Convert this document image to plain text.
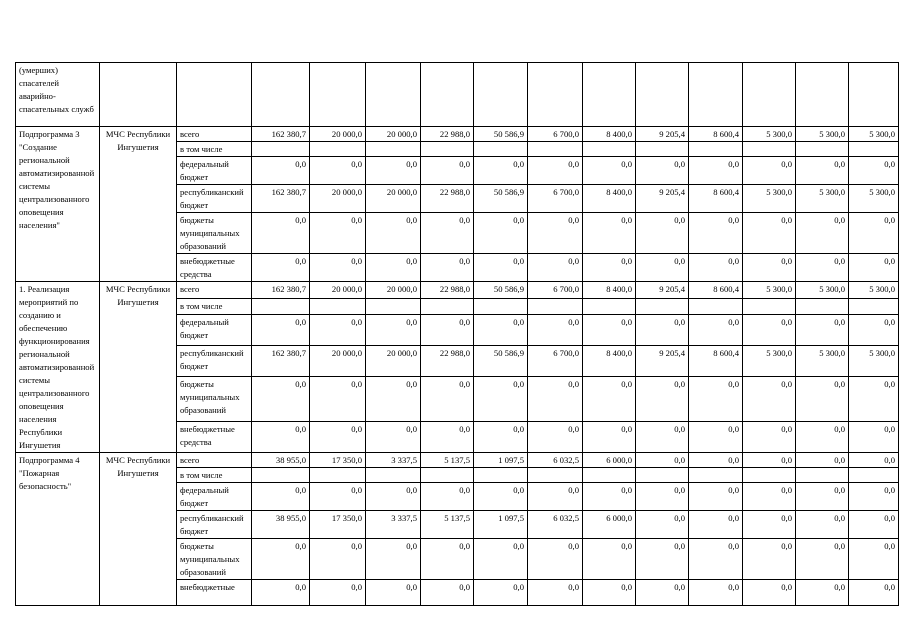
(умерших) спасателей аварийно-спасательных служб														
Подпрограмма 3 "Создание региональной автоматизированной системы централизованного оповещения населения"	МЧС Республики Ингушетия	всего	162 380,7	20 000,0	20 000,0	22 988,0	50 586,9	6 700,0	8 400,0	9 205,4	8 600,4	5 300,0	5 300,0	5 300,0
		в том числе												
		федеральный бюджет	0,0	0,0	0,0	0,0	0,0	0,0	0,0	0,0	0,0	0,0	0,0	0,0
		республиканский бюджет	162 380,7	20 000,0	20 000,0	22 988,0	50 586,9	6 700,0	8 400,0	9 205,4	8 600,4	5 300,0	5 300,0	5 300,0
		бюджеты муниципальных образований	0,0	0,0	0,0	0,0	0,0	0,0	0,0	0,0	0,0	0,0	0,0	0,0
		внебюджетные средства	0,0	0,0	0,0	0,0	0,0	0,0	0,0	0,0	0,0	0,0	0,0	0,0
1. Реализация мероприятий по созданию и обеспечению функционирования региональной автоматизированной системы централизованного оповещения населения Республики Ингушетия	МЧС Республики Ингушетия	всего	162 380,7	20 000,0	20 000,0	22 988,0	50 586,9	6 700,0	8 400,0	9 205,4	8 600,4	5 300,0	5 300,0	5 300,0
		в том числе												
		федеральный бюджет	0,0	0,0	0,0	0,0	0,0	0,0	0,0	0,0	0,0	0,0	0,0	0,0
		республиканский бюджет	162 380,7	20 000,0	20 000,0	22 988,0	50 586,9	6 700,0	8 400,0	9 205,4	8 600,4	5 300,0	5 300,0	5 300,0
		бюджеты муниципальных образований	0,0	0,0	0,0	0,0	0,0	0,0	0,0	0,0	0,0	0,0	0,0	0,0
		внебюджетные средства	0,0	0,0	0,0	0,0	0,0	0,0	0,0	0,0	0,0	0,0	0,0	0,0
Подпрограмма 4 "Пожарная безопасность"	МЧС Республики Ингушетия	всего	38 955,0	17 350,0	3 337,5	5 137,5	1 097,5	6 032,5	6 000,0	0,0	0,0	0,0	0,0	0,0
		в том числе												
		федеральный бюджет	0,0	0,0	0,0	0,0	0,0	0,0	0,0	0,0	0,0	0,0	0,0	0,0
		республиканский бюджет	38 955,0	17 350,0	3 337,5	5 137,5	1 097,5	6 032,5	6 000,0	0,0	0,0	0,0	0,0	0,0
		бюджеты муниципальных образований	0,0	0,0	0,0	0,0	0,0	0,0	0,0	0,0	0,0	0,0	0,0	0,0
		внебюджетные	0,0	0,0	0,0	0,0	0,0	0,0	0,0	0,0	0,0	0,0	0,0	0,0
